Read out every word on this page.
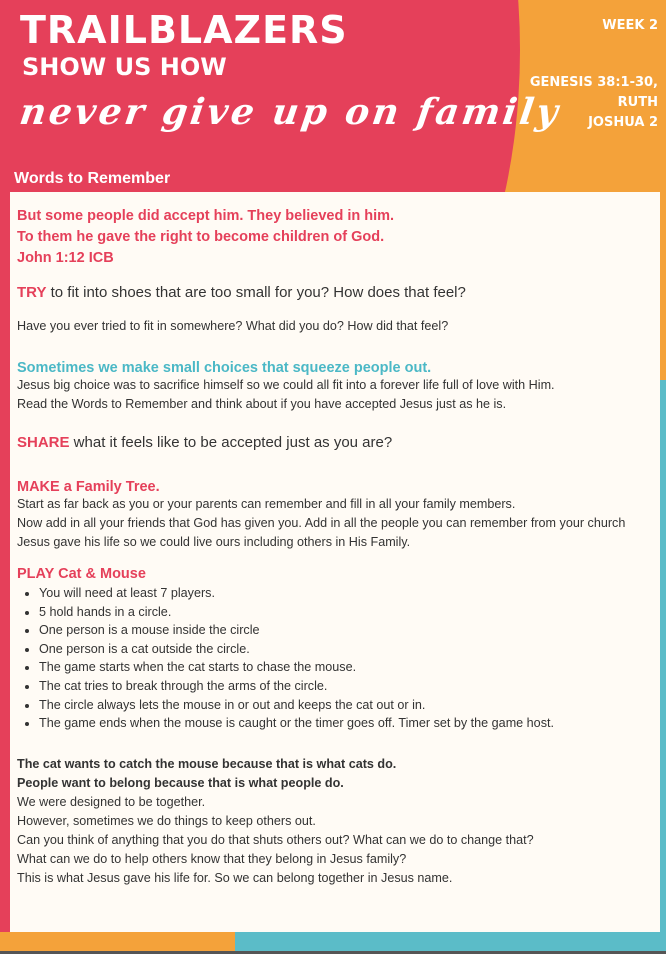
TRAILBLAZERS
SHOW US HOW
never give up on family
WEEK 2
GENESIS 38:1-30,
RUTH
JOSHUA 2
Words to Remember
But some people did accept him. They believed in him.
To them he gave the right to become children of God.
John 1:12 ICB
TRY to fit into shoes that are too small for you? How does that feel?
Have you ever tried to fit in somewhere? What did you do? How did that feel?
Sometimes we make small choices that squeeze people out.
Jesus big choice was to sacrifice himself so we could all fit into a forever life full of love with Him.
Read the Words to Remember and think about if you have accepted Jesus just as he is.
SHARE what it feels like to be accepted just as you are?
MAKE a Family Tree.
Start as far back as you or your parents can remember and fill in all your family members.
Now add in all your friends that God has given you. Add in all the people you can remember from your church
Jesus gave his life so we could live ours including others in His Family.
PLAY Cat & Mouse
• You will need at least 7 players.
• 5 hold hands in a circle.
• One person is a mouse inside the circle
• One person is a cat outside the circle.
• The game starts when the cat starts to chase the mouse.
• The cat tries to break through the arms of the circle.
• The circle always lets the mouse in or out and keeps the cat out or in.
• The game ends when the mouse is caught or the timer goes off. Timer set by the game host.
The cat wants to catch the mouse because that is what cats do.
People want to belong because that is what people do.
We were designed to be together.
However, sometimes we do things to keep others out.
Can you think of anything that you do that shuts others out? What can we do to change that?
What can we do to help others know that they belong in Jesus family?
This is what Jesus gave his life for. So we can belong together in Jesus name.
